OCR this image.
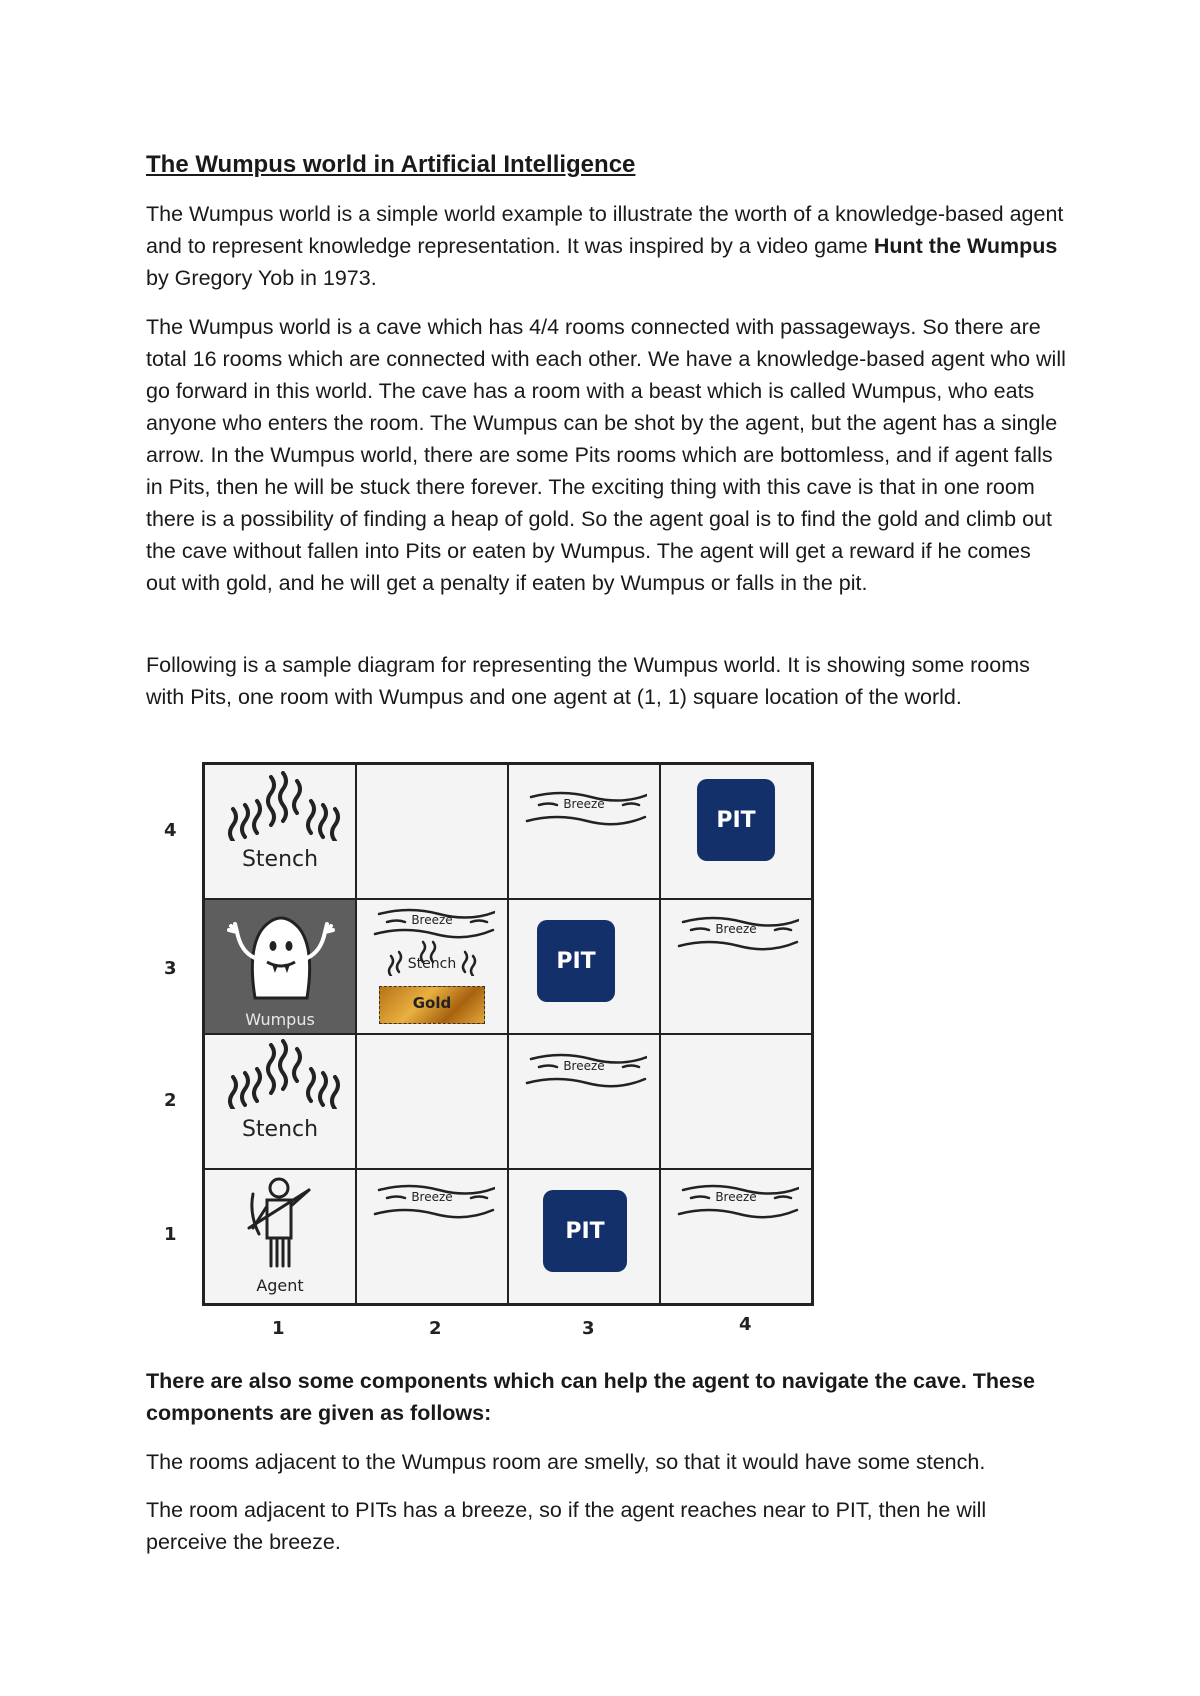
The Wumpus world in Artificial Intelligence

The Wumpus world is a simple world example to illustrate the worth of a knowledge-based agent and to represent knowledge representation. It was inspired by a video game Hunt the Wumpus by Gregory Yob in 1973.

The Wumpus world is a cave which has 4/4 rooms connected with passageways. So there are total 16 rooms which are connected with each other. We have a knowledge-based agent who will go forward in this world. The cave has a room with a beast which is called Wumpus, who eats anyone who enters the room. The Wumpus can be shot by the agent, but the agent has a single arrow. In the Wumpus world, there are some Pits rooms which are bottomless, and if agent falls in Pits, then he will be stuck there forever. The exciting thing with this cave is that in one room there is a possibility of finding a heap of gold. So the agent goal is to find the gold and climb out the cave without fallen into Pits or eaten by Wumpus. The agent will get a reward if he comes out with gold, and he will get a penalty if eaten by Wumpus or falls in the pit.

Following is a sample diagram for representing the Wumpus world. It is showing some rooms with Pits, one room with Wumpus and one agent at (1, 1) square location of the world.

4
3
2
1
Stench
Breeze
PIT
Wumpus
Breeze
Stench
Gold
PIT
Breeze
Stench
Breeze
Agent
Breeze
PIT
Breeze
1	2	3	4

There are also some components which can help the agent to navigate the cave. These components are given as follows:

The rooms adjacent to the Wumpus room are smelly, so that it would have some stench.

The room adjacent to PITs has a breeze, so if the agent reaches near to PIT, then he will perceive the breeze.
